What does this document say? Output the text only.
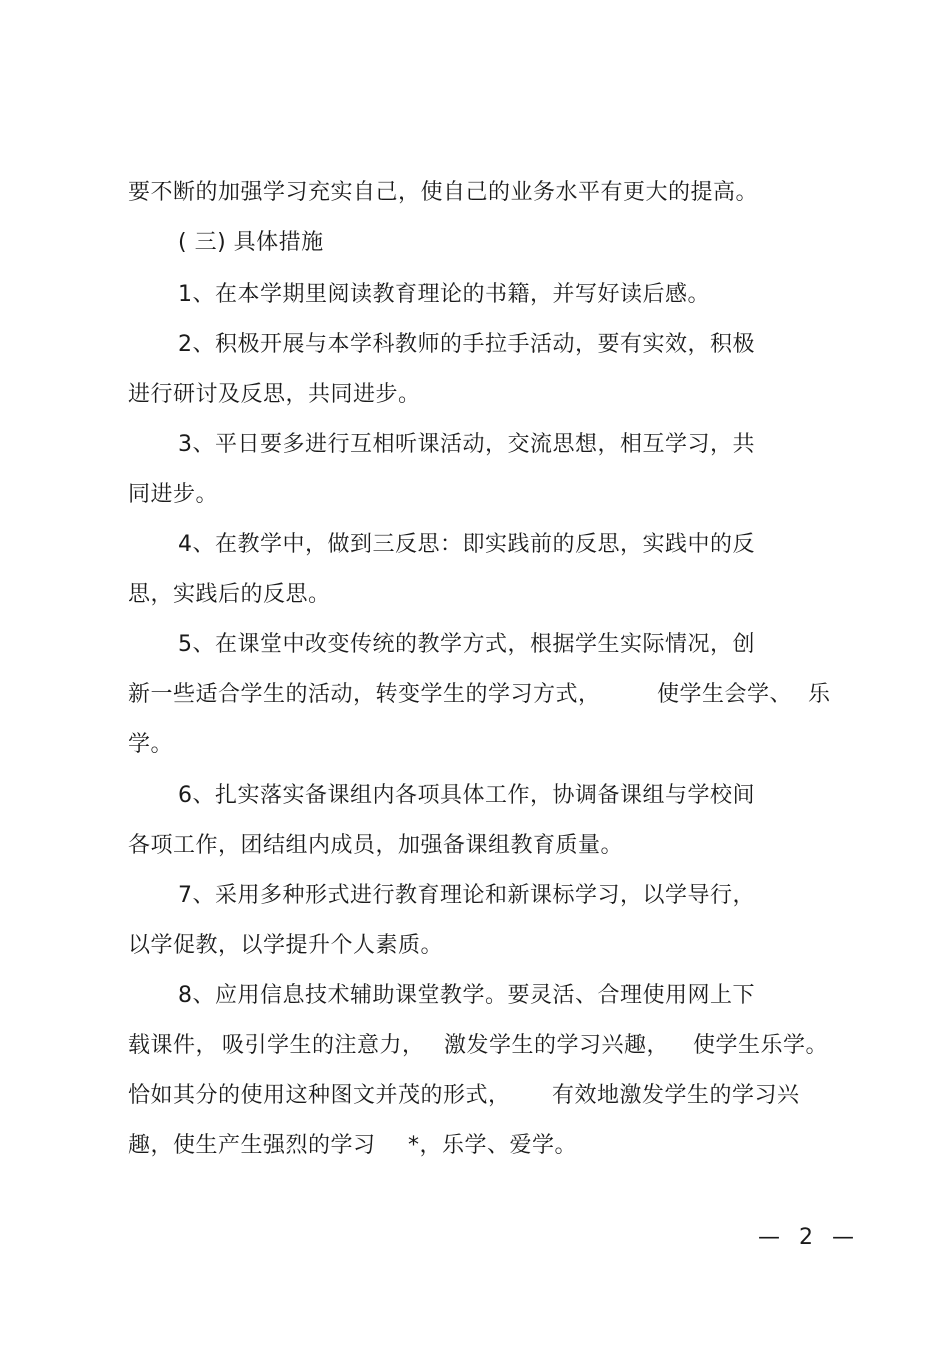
要不断的加强学习充实自己，使自己的业务水平有更大的提高。
( 三) 具体措施
1、在本学期里阅读教育理论的书籍，并写好读后感。
2、积极开展与本学科教师的手拉手活动，要有实效，积极
进行研讨及反思，共同进步。
3、平日要多进行互相听课活动，交流思想，相互学习，共
同进步。
4、在教学中，做到三反思：即实践前的反思，实践中的反
思，实践后的反思。
5、在课堂中改变传统的教学方式，根据学生实际情况，创
新一些适合学生的活动，转变学生的学习方式，	使学生会学、 乐
学。
6、扎实落实备课组内各项具体工作，协调备课组与学校间
各项工作，团结组内成员，加强备课组教育质量。
7、采用多种形式进行教育理论和新课标学习，以学导行，
以学促教，以学提升个人素质。
8、应用信息技术辅助课堂教学。要灵活、合理使用网上下
载课件， 吸引学生的注意力， 激发学生的学习兴趣， 使学生乐学。
恰如其分的使用这种图文并茂的形式， 有效地激发学生的学习兴
趣，使生产生强烈的学习 *，乐学、爱学。
— 2 —
